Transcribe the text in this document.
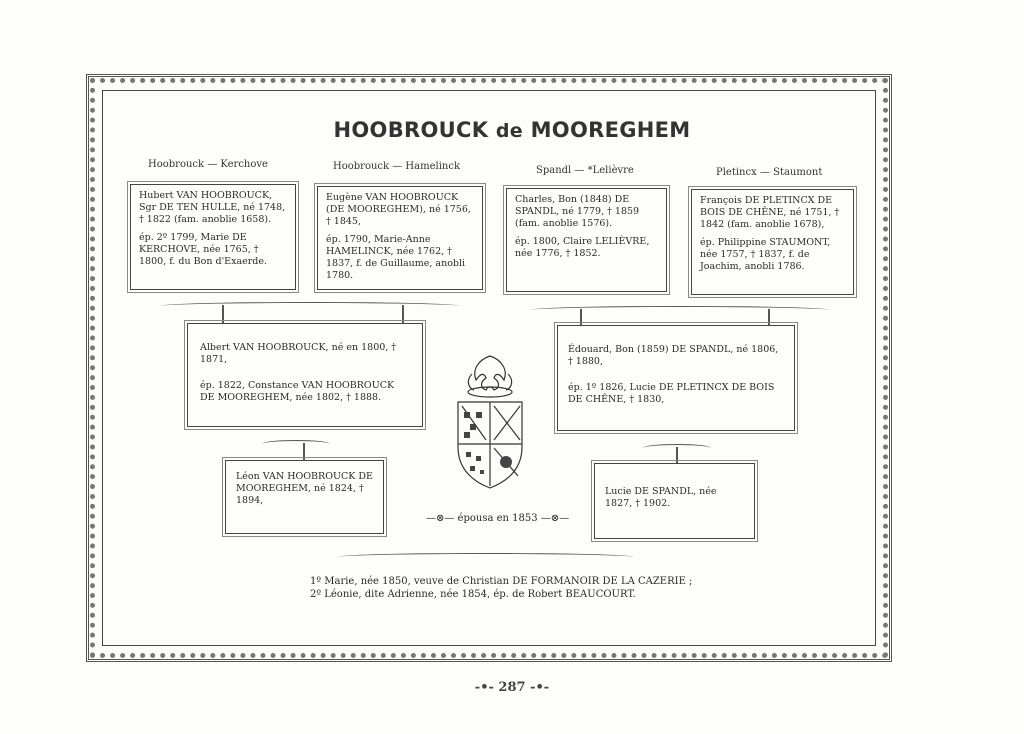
HOOBROUCK de MOOREGHEM
Hoobrouck — Kerchove	Hoobrouck — Hamelinck	Spandl — *Lelièvre	Pletincx — Staumont

Hubert VAN HOOBROUCK, Sgr DE TEN HULLE, né 1748, † 1822 (fam. anoblie 1658).

ép. 2º 1799, Marie DE KERCHOVE, née 1765, † 1800, f. du Bon d'Exaerde.

Eugène VAN HOOBROUCK (DE MOOREGHEM), né 1756, † 1845,

ép. 1790, Marie-Anne HAMELINCK, née 1762, † 1837, f. de Guillaume, anobli 1780.

Charles, Bon (1848) DE SPANDL, né 1779, † 1859 (fam. anoblie 1576).

ép. 1800, Claire LELIÈVRE, née 1776, † 1852.

François DE PLETINCX DE BOIS DE CHÊNE, né 1751, † 1842 (fam. anoblie 1678),

ép. Philippine STAUMONT, née 1757, † 1837, f. de Joachim, anobli 1786.

Albert VAN HOOBROUCK, né en 1800, † 1871,

ép. 1822, Constance VAN HOOBROUCK DE MOOREGHEM, née 1802, † 1888.

Édouard, Bon (1859) DE SPANDL, né 1806, † 1880,

ép. 1º 1826, Lucie DE PLETINCX DE BOIS DE CHÊNE, † 1830,

Léon VAN HOOBROUCK DE MOOREGHEM, né 1824, † 1894,

Lucie DE SPANDL, née 1827, † 1902.

—⊗— épousa en 1853 —⊗—
1º Marie, née 1850, veuve de Christian DE FORMANOIR DE LA CAZERIE ;
2º Léonie, dite Adrienne, née 1854, ép. de Robert BEAUCOURT.
-•- 287 -•-
